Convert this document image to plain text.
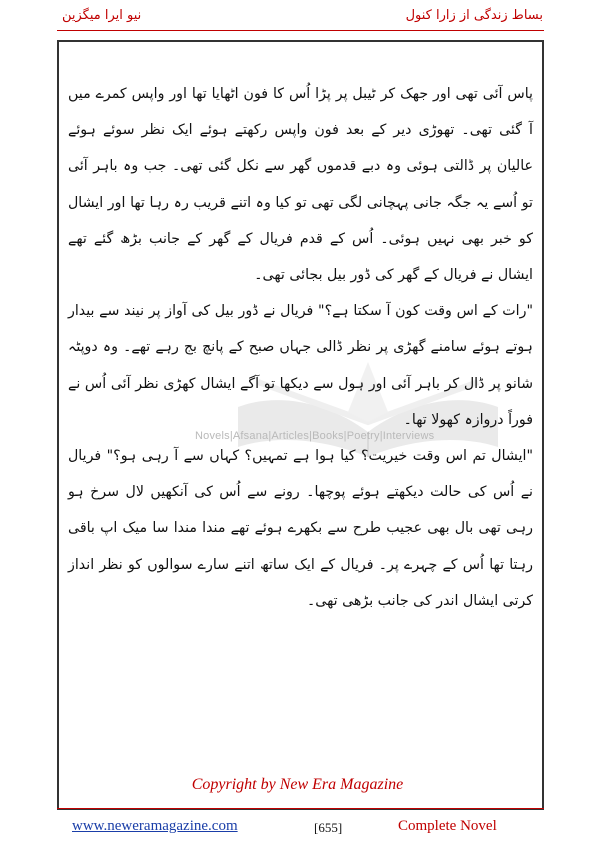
بساط زندگی از زارا کنول
نیو ایرا میگزین
Novels|Afsana|Articles|Books|Poetry|Interviews

پاس آئی تھی اور جھک کر ٹیبل پر پڑا اُس کا فون اٹھایا تھا اور واپس کمرے میں آ گئی تھی۔ تھوڑی دیر کے بعد فون واپس رکھتے ہوئے ایک نظر سوئے ہوئے عالیان پر ڈالتی ہوئی وہ دبے قدموں گھر سے نکل گئی تھی۔ جب وہ باہر آئی تو اُسے یہ جگہ جانی پہچانی لگی تھی تو کیا وہ اتنے قریب رہ رہا تھا اور ایشال کو خبر بھی نہیں ہوئی۔ اُس کے قدم فریال کے گھر کے جانب بڑھ گئے تھے ایشال نے فریال کے گھر کی ڈور بیل بجائی تھی۔

"رات کے اس وقت کون آ سکتا ہے؟" فریال نے ڈور بیل کی آواز پر نیند سے بیدار ہوتے ہوئے سامنے گھڑی پر نظر ڈالی جہاں صبح کے پانچ بج رہے تھے۔ وہ دوپٹہ شانو پر ڈال کر باہر آئی اور ہول سے دیکھا تو آگے ایشال کھڑی نظر آئی اُس نے فوراً دروازہ کھولا تھا۔

"ایشال تم اس وقت خیریت؟ کیا ہوا ہے تمہیں؟ کہاں سے آ رہی ہو؟" فریال نے اُس کی حالت دیکھتے ہوئے پوچھا۔ رونے سے اُس کی آنکھیں لال سرخ ہو رہی تھی بال بھی عجیب طرح سے بکھرے ہوئے تھے مندا مندا سا میک اپ باقی رہتا تھا اُس کے چہرے پر۔ فریال کے ایک ساتھ اتنے سارے سوالوں کو نظر انداز کرتی ایشال اندر کی جانب بڑھی تھی۔

Copyright by New Era Magazine
www.neweramagazine.com	[655]	Complete Novel
